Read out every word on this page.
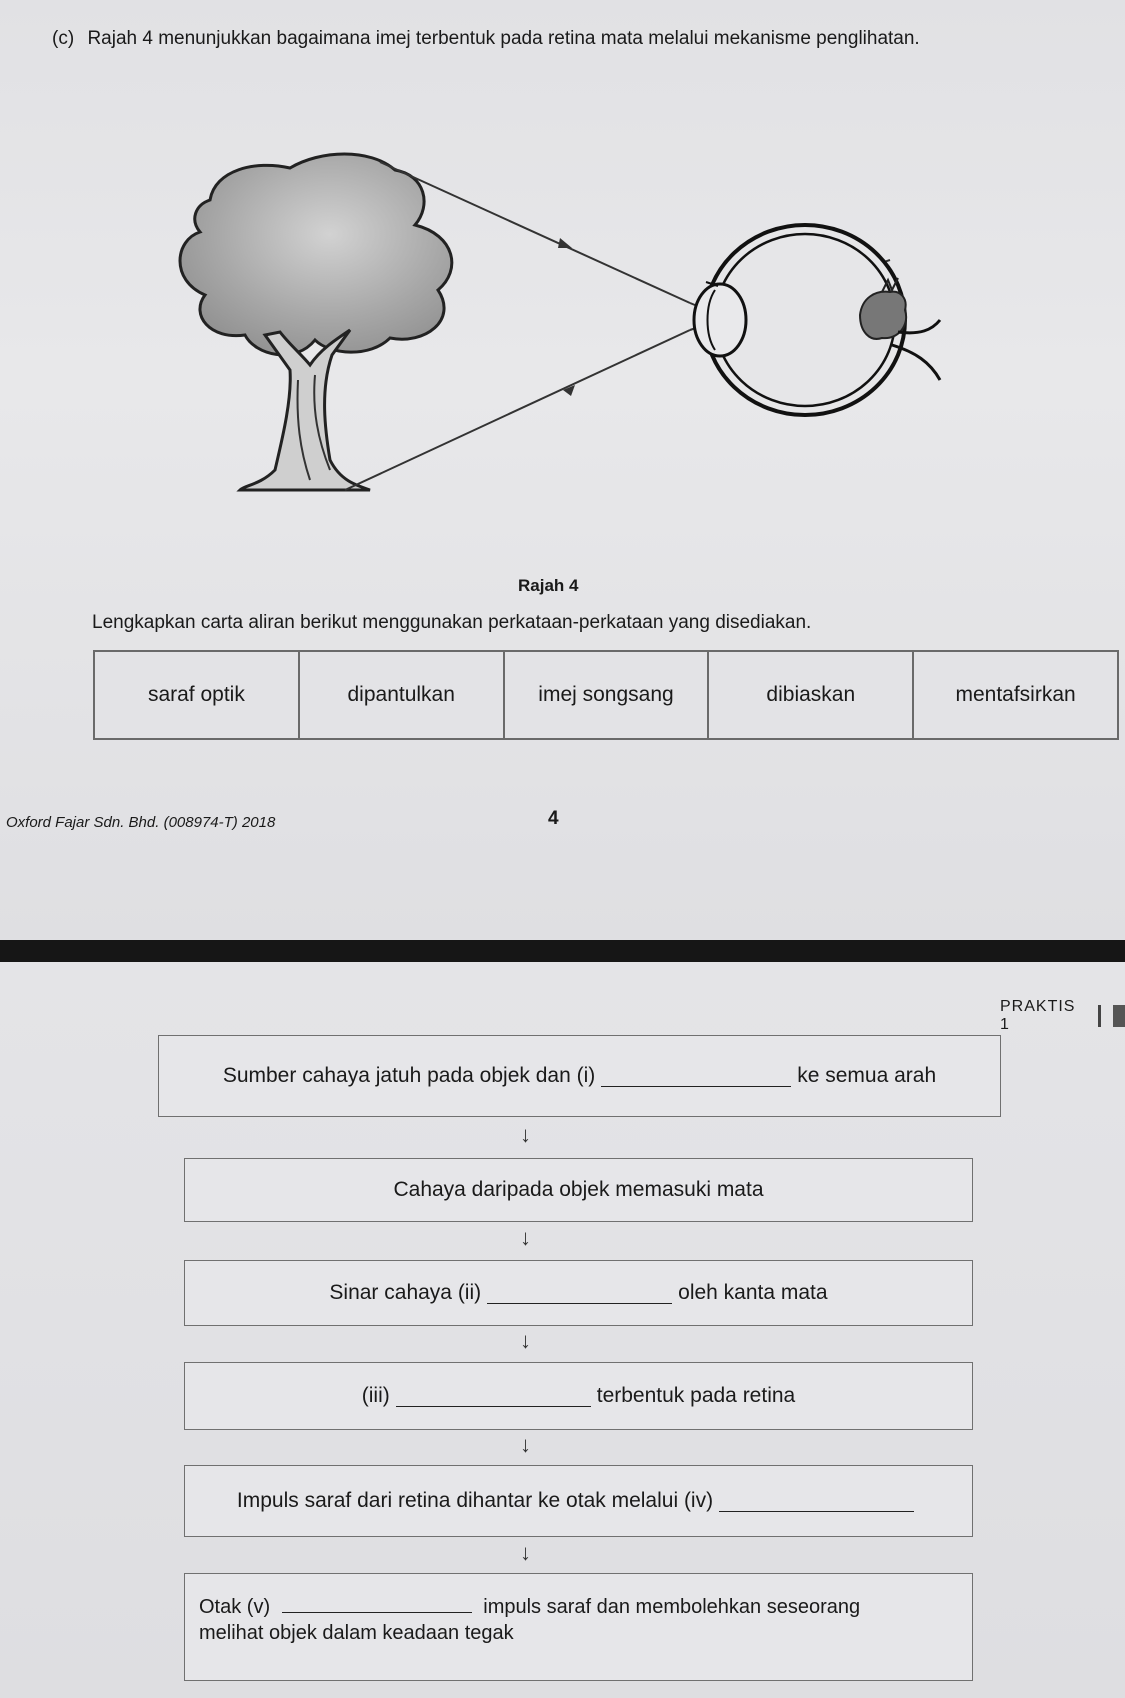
(c) Rajah 4 menunjukkan bagaimana imej terbentuk pada retina mata melalui mekanisme penglihatan.
Rajah 4
Lengkapkan carta aliran berikut menggunakan perkataan-perkataan yang disediakan.
saraf optik	dipantulkan	imej songsang	dibiaskan	mentafsirkan
Oxford Fajar Sdn. Bhd. (008974-T) 2018	4
PRAKTIS 1
Sumber cahaya jatuh pada objek dan (i)	ke semua arah
↓
Cahaya daripada objek memasuki mata
↓
Sinar cahaya (ii)	oleh kanta mata
↓
(iii)	terbentuk pada retina
↓
Impuls saraf dari retina dihantar ke otak melalui (iv)
↓
Otak (v)	impuls saraf dan membolehkan seseorang
melihat objek dalam keadaan tegak
